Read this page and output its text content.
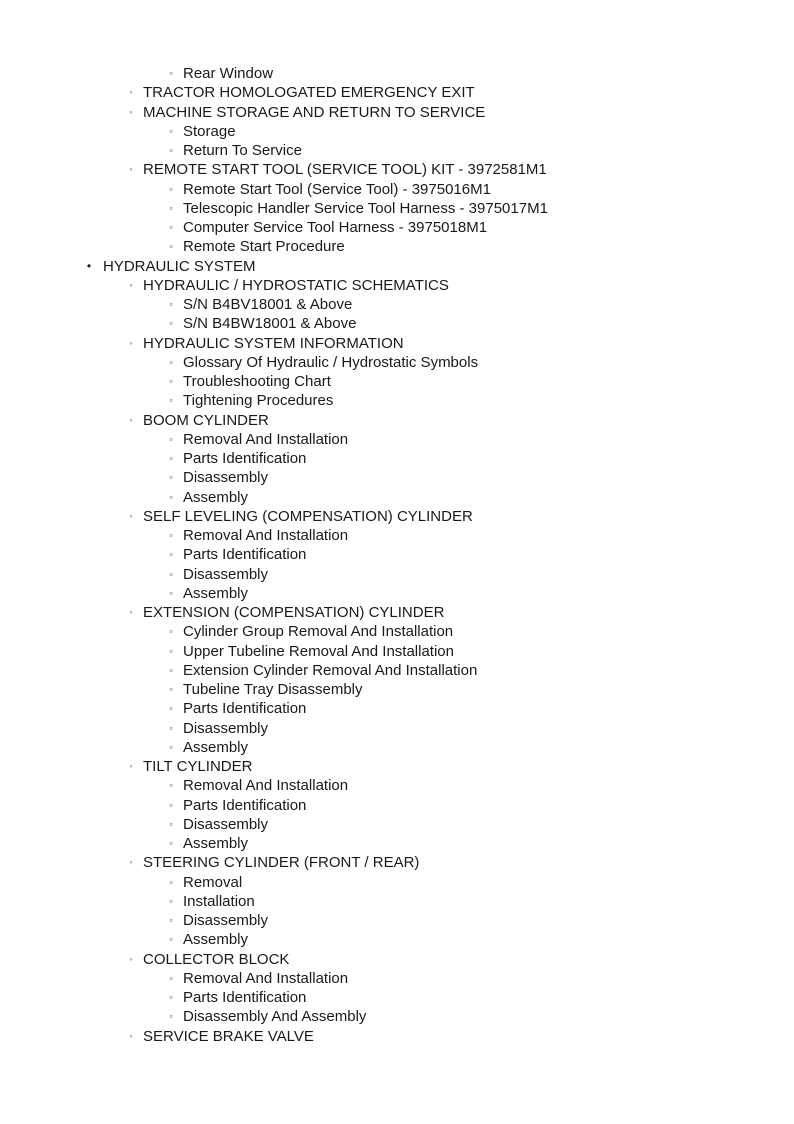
▫ Rear Window
◦ TRACTOR HOMOLOGATED EMERGENCY EXIT
◦ MACHINE STORAGE AND RETURN TO SERVICE
▫ Storage
▫ Return To Service
◦ REMOTE START TOOL (SERVICE TOOL) KIT - 3972581M1
▫ Remote Start Tool (Service Tool) - 3975016M1
▫ Telescopic Handler Service Tool Harness - 3975017M1
▫ Computer Service Tool Harness - 3975018M1
▫ Remote Start Procedure
• HYDRAULIC SYSTEM
◦ HYDRAULIC / HYDROSTATIC SCHEMATICS
▫ S/N B4BV18001 & Above
▫ S/N B4BW18001 & Above
◦ HYDRAULIC SYSTEM INFORMATION
▫ Glossary Of Hydraulic / Hydrostatic Symbols
▫ Troubleshooting Chart
▫ Tightening Procedures
◦ BOOM CYLINDER
▫ Removal And Installation
▫ Parts Identification
▫ Disassembly
▫ Assembly
◦ SELF LEVELING (COMPENSATION) CYLINDER
▫ Removal And Installation
▫ Parts Identification
▫ Disassembly
▫ Assembly
◦ EXTENSION (COMPENSATION) CYLINDER
▫ Cylinder Group Removal And Installation
▫ Upper Tubeline Removal And Installation
▫ Extension Cylinder Removal And Installation
▫ Tubeline Tray Disassembly
▫ Parts Identification
▫ Disassembly
▫ Assembly
◦ TILT CYLINDER
▫ Removal And Installation
▫ Parts Identification
▫ Disassembly
▫ Assembly
◦ STEERING CYLINDER (FRONT / REAR)
▫ Removal
▫ Installation
▫ Disassembly
▫ Assembly
◦ COLLECTOR BLOCK
▫ Removal And Installation
▫ Parts Identification
▫ Disassembly And Assembly
◦ SERVICE BRAKE VALVE
